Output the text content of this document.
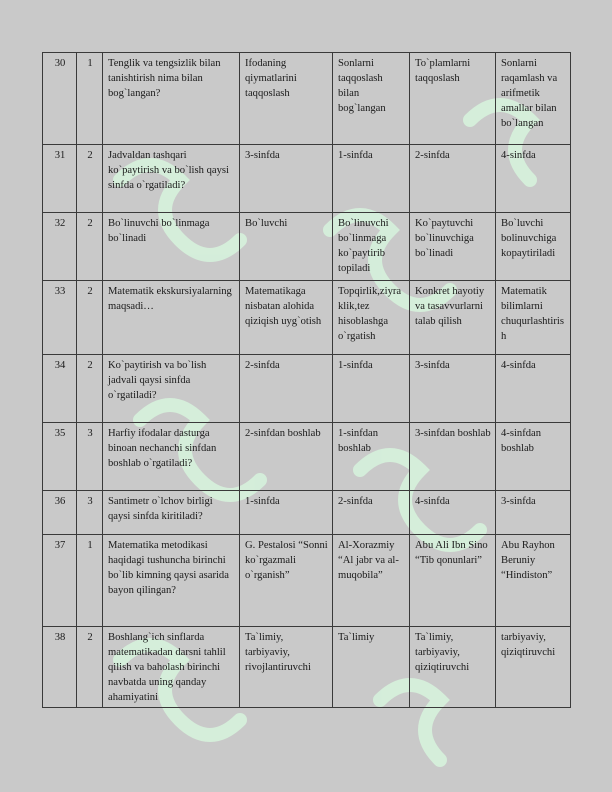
30	1	Tenglik va tengsizlik bilan tanishtirish nima bilan bog`langan?	Ifodaning qiymatlarini taqqoslash	Sonlarni taqqoslash bilan bog`langan	To`plamlarni taqqoslash	Sonlarni raqamlash va arifmetik amallar bilan bo`langan
31	2	Jadvaldan tashqari ko`paytirish va bo`lish qaysi sinfda o`rgatiladi?	3-sinfda	1-sinfda	2-sinfda	4-sinfda
32	2	Bo`linuvchi bo`linmaga bo`linadi	Bo`luvchi	Bo`linuvchi bo`linmaga ko`paytirib topiladi	Ko`paytuvchi bo`linuvchiga bo`linadi	Bo`luvchi bolinuvchiga kopaytiriladi
33	2	Matematik ekskursiyalarning maqsadi…	Matematikaga nisbatan alohida qiziqish uyg`otish	Topqirlik,ziyraklik,tez hisoblashga o`rgatish	Konkret hayotiy va tasavvurlarni talab qilish	Matematik bilimlarni chuqurlashtirish
34	2	Ko`paytirish va bo`lish jadvali qaysi sinfda o`rgatiladi?	2-sinfda	1-sinfda	3-sinfda	4-sinfda
35	3	Harfiy ifodalar dasturga binoan nechanchi sinfdan boshlab o`rgatiladi?	2-sinfdan boshlab	1-sinfdan boshlab	3-sinfdan boshlab	4-sinfdan boshlab
36	3	Santimetr o`lchov birligi qaysi sinfda kiritiladi?	1-sinfda	2-sinfda	4-sinfda	3-sinfda
37	1	Matematika metodikasi haqidagi tushuncha birinchi bo`lib kimning qaysi asarida bayon qilingan?	G. Pestalosi “Sonni ko`rgazmali o`rganish”	Al-Xorazmiy “Al jabr va al-muqobila”	Abu Ali Ibn Sino “Tib qonunlari”	Abu Rayhon Beruniy “Hindiston”
38	2	Boshlang`ich sinflarda matematikadan darsni tahlil qilish va baholash birinchi navbatda uning qanday ahamiyatini	Ta`limiy, tarbiyaviy, rivojlantiruvchi	Ta`limiy	Ta`limiy, tarbiyaviy, qiziqtiruvchi	tarbiyaviy, qiziqtiruvchi
